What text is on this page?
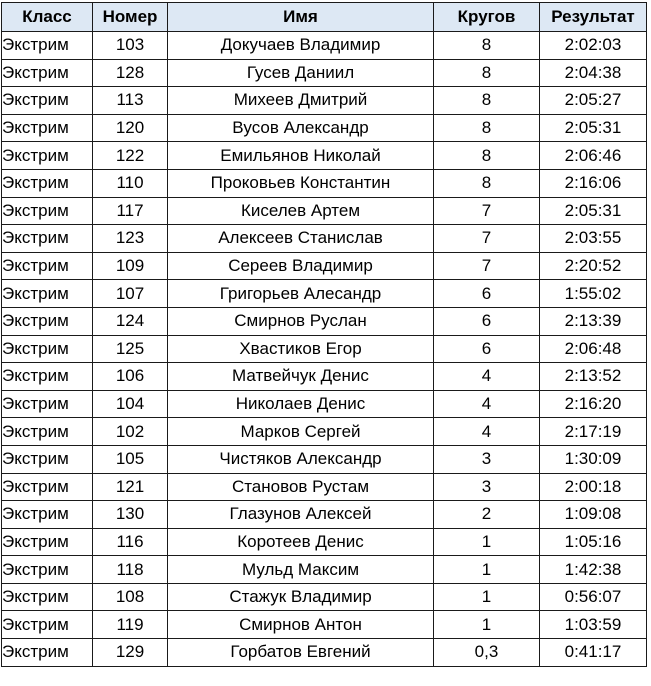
Класс	Номер	Имя	Кругов	Результат
Экстрим	103	Докучаев Владимир	8	2:02:03
Экстрим	128	Гусев Даниил	8	2:04:38
Экстрим	113	Михеев Дмитрий	8	2:05:27
Экстрим	120	Вусов Александр	8	2:05:31
Экстрим	122	Емильянов Николай	8	2:06:46
Экстрим	110	Проковьев Константин	8	2:16:06
Экстрим	117	Киселев Артем	7	2:05:31
Экстрим	123	Алексеев Станислав	7	2:03:55
Экстрим	109	Сереев Владимир	7	2:20:52
Экстрим	107	Григорьев Алесандр	6	1:55:02
Экстрим	124	Смирнов Руслан	6	2:13:39
Экстрим	125	Хвастиков Егор	6	2:06:48
Экстрим	106	Матвейчук Денис	4	2:13:52
Экстрим	104	Николаев Денис	4	2:16:20
Экстрим	102	Марков Сергей	4	2:17:19
Экстрим	105	Чистяков Александр	3	1:30:09
Экстрим	121	Становов Рустам	3	2:00:18
Экстрим	130	Глазунов Алексей	2	1:09:08
Экстрим	116	Коротеев Денис	1	1:05:16
Экстрим	118	Мульд Максим	1	1:42:38
Экстрим	108	Стажук Владимир	1	0:56:07
Экстрим	119	Смирнов Антон	1	1:03:59
Экстрим	129	Горбатов Евгений	0,3	0:41:17
